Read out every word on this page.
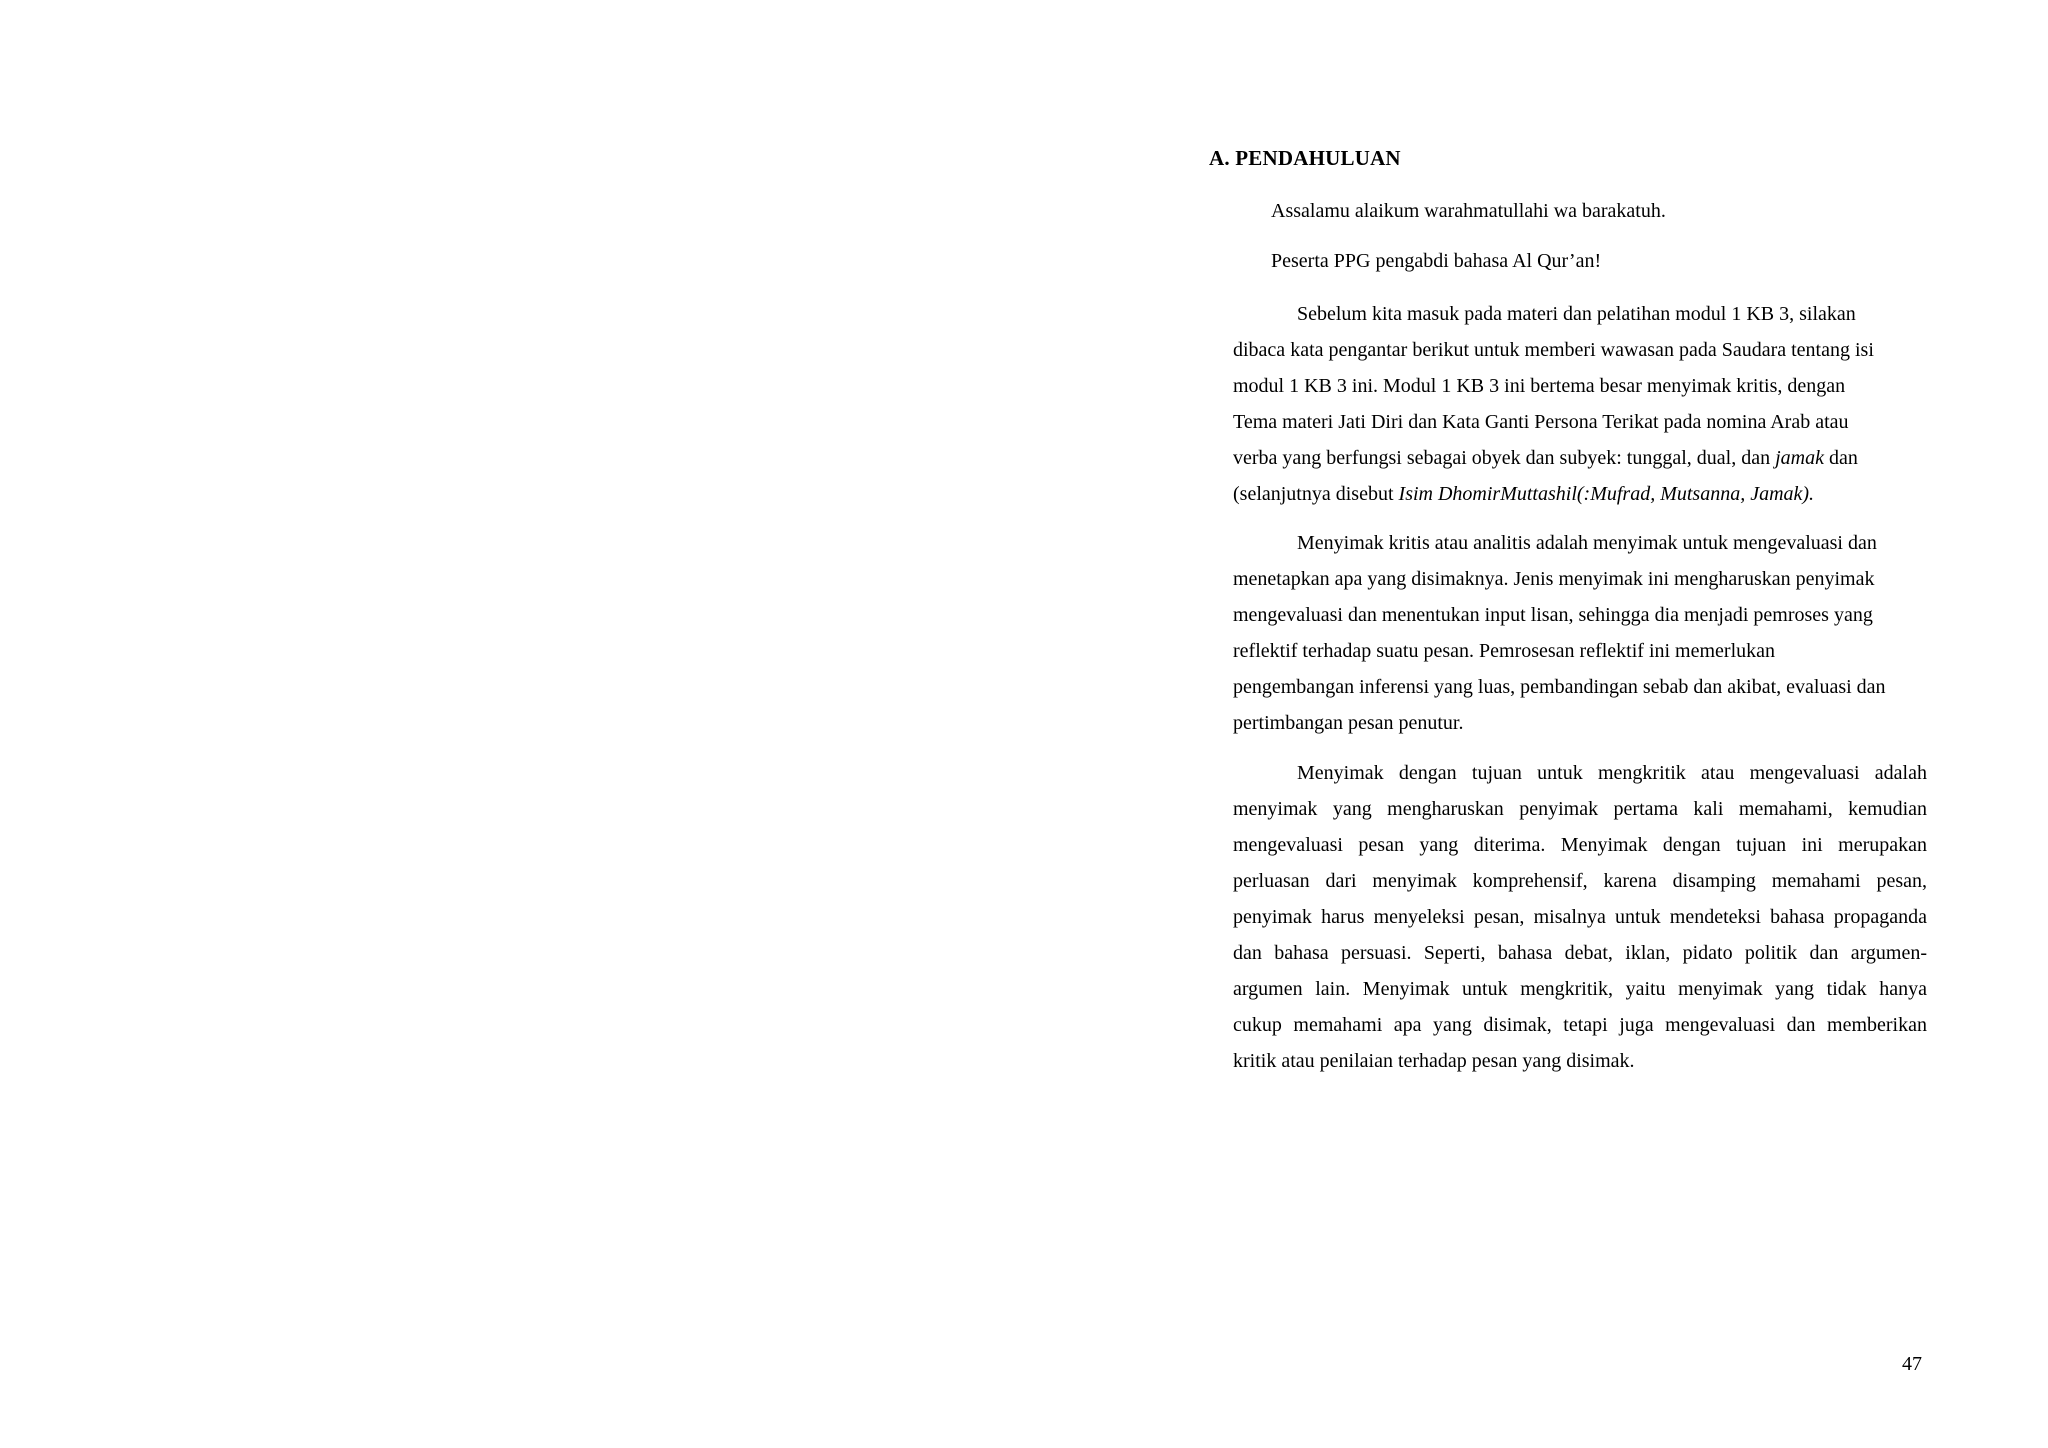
A. PENDAHULUAN
Assalamu alaikum warahmatullahi wa barakatuh.
Peserta PPG pengabdi bahasa Al Qur’an!
Sebelum kita masuk pada materi dan pelatihan modul 1 KB 3, silakan
dibaca kata pengantar berikut untuk memberi wawasan pada Saudara tentang isi
modul 1 KB 3 ini. Modul 1 KB 3 ini bertema besar menyimak kritis, dengan
Tema materi Jati Diri dan Kata Ganti Persona Terikat pada nomina Arab atau
verba yang berfungsi sebagai obyek dan subyek: tunggal, dual, dan jamak dan
(selanjutnya disebut Isim DhomirMuttashil(:Mufrad, Mutsanna, Jamak).
Menyimak kritis atau analitis adalah menyimak untuk mengevaluasi dan
menetapkan apa yang disimaknya. Jenis menyimak ini mengharuskan penyimak
mengevaluasi dan menentukan input lisan, sehingga dia menjadi pemroses yang
reflektif terhadap suatu pesan. Pemrosesan reflektif ini memerlukan
pengembangan inferensi yang luas, pembandingan sebab dan akibat, evaluasi dan
pertimbangan pesan penutur.
Menyimak dengan tujuan untuk mengkritik atau mengevaluasi adalah
menyimak yang mengharuskan penyimak pertama kali memahami, kemudian
mengevaluasi pesan yang diterima. Menyimak dengan tujuan ini merupakan
perluasan dari menyimak komprehensif, karena disamping memahami pesan,
penyimak harus menyeleksi pesan, misalnya untuk mendeteksi bahasa propaganda
dan bahasa persuasi. Seperti, bahasa debat, iklan, pidato politik dan argumen-
argumen lain. Menyimak untuk mengkritik, yaitu menyimak yang tidak hanya
cukup memahami apa yang disimak, tetapi juga mengevaluasi dan memberikan
kritik atau penilaian terhadap pesan yang disimak.
47
